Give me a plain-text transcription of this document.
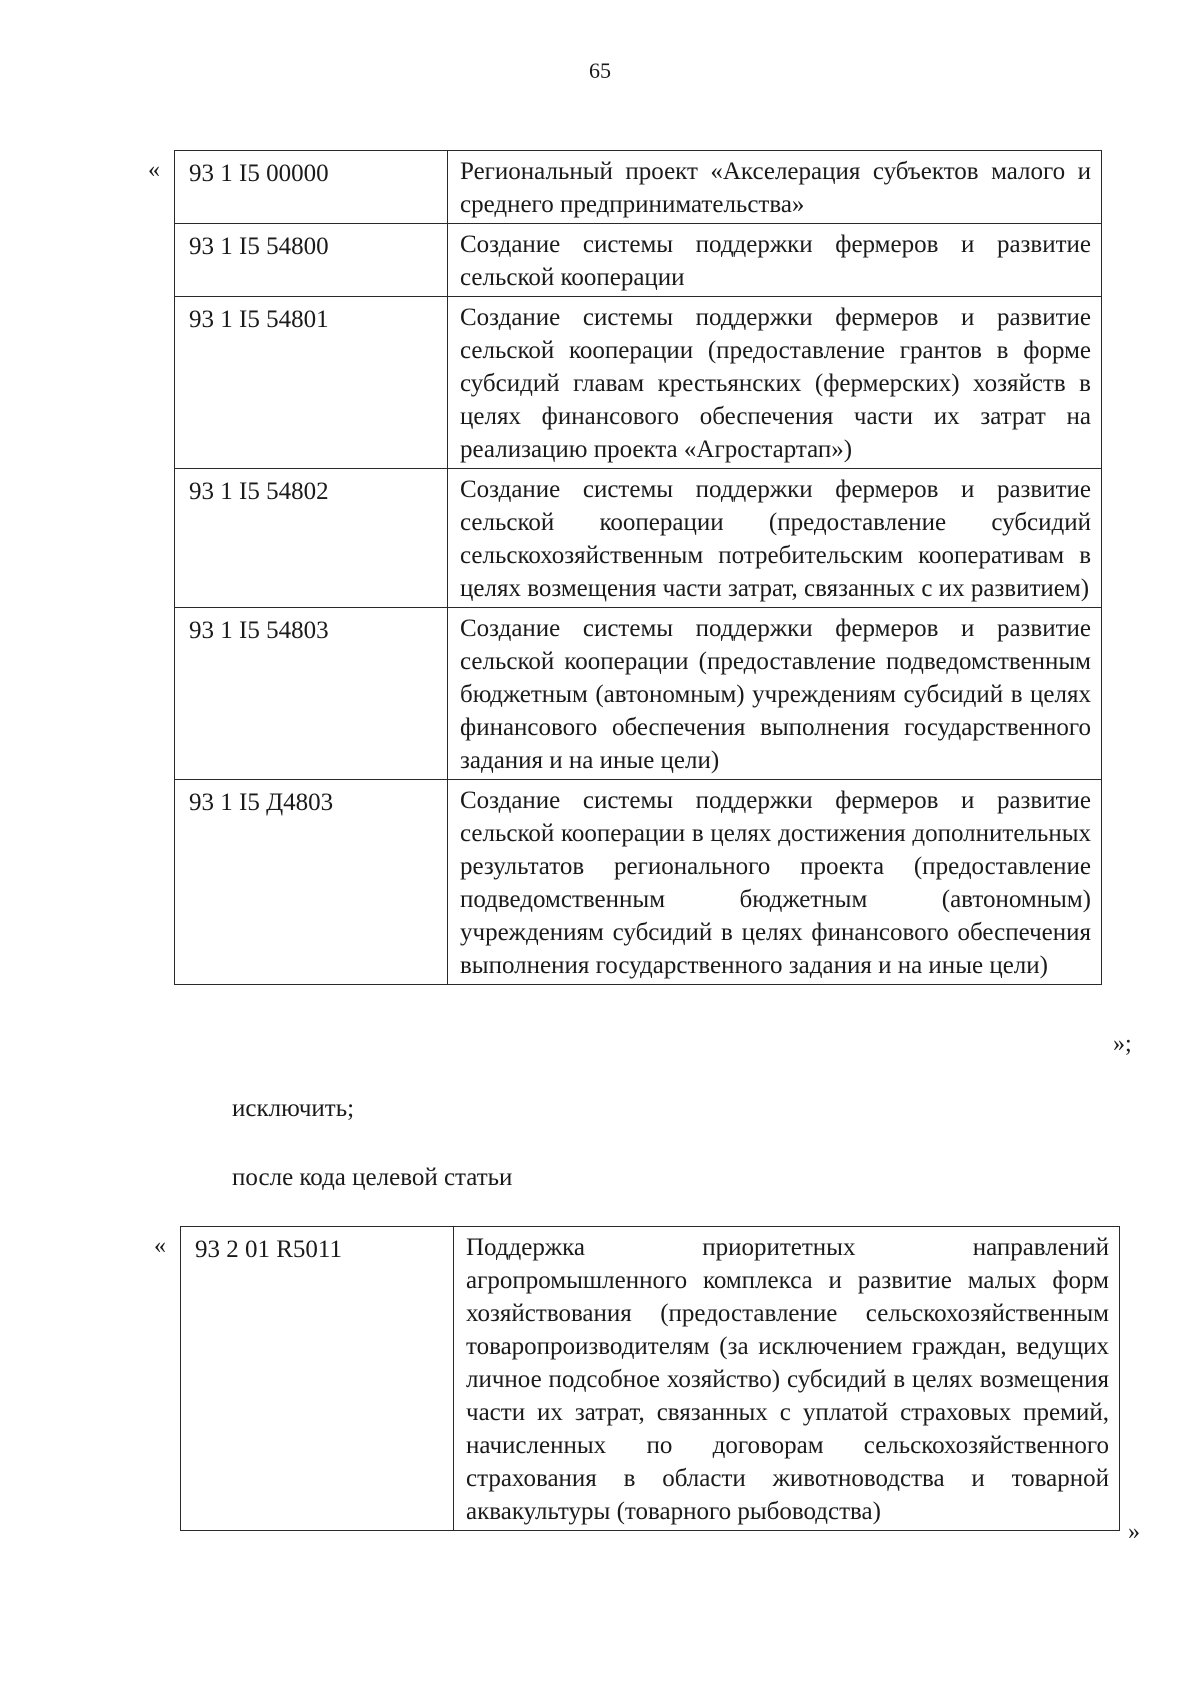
65
« 93 1 I5 00000	Региональный проект «Акселерация субъектов малого и среднего предпринимательства»
93 1 I5 54800	Создание системы поддержки фермеров и развитие сельской кооперации
93 1 I5 54801	Создание системы поддержки фермеров и развитие сельской кооперации (предоставление грантов в форме субсидий главам крестьянских (фермерских) хозяйств в целях финансового обеспечения части их затрат на реализацию проекта «Агростартап»)
93 1 I5 54802	Создание системы поддержки фермеров и развитие сельской кооперации (предоставление субсидий сельскохозяйственным потребительским кооперативам в целях возмещения части затрат, связанных с их развитием)
93 1 I5 54803	Создание системы поддержки фермеров и развитие сельской кооперации (предоставление подведомственным бюджетным (автономным) учреждениям субсидий в целях финансового обеспечения выполнения государственного задания и на иные цели)
93 1 I5 Д4803	Создание системы поддержки фермеров и развитие сельской кооперации в целях достижения дополнительных результатов регионального проекта (предоставление подведомственным бюджетным (автономным) учреждениям субсидий в целях финансового обеспечения выполнения государственного задания и на иные цели)
»;
исключить;
после кода целевой статьи
« 93 2 01 R5011	Поддержка приоритетных направлений агропромышленного комплекса и развитие малых форм хозяйствования (предоставление сельскохозяйственным товаропроизводителям (за исключением граждан, ведущих личное подсобное хозяйство) субсидий в целях возмещения части их затрат, связанных с уплатой страховых премий, начисленных по договорам сельскохозяйственного страхования в области животноводства и товарной аквакультуры (товарного рыбоводства)
»
